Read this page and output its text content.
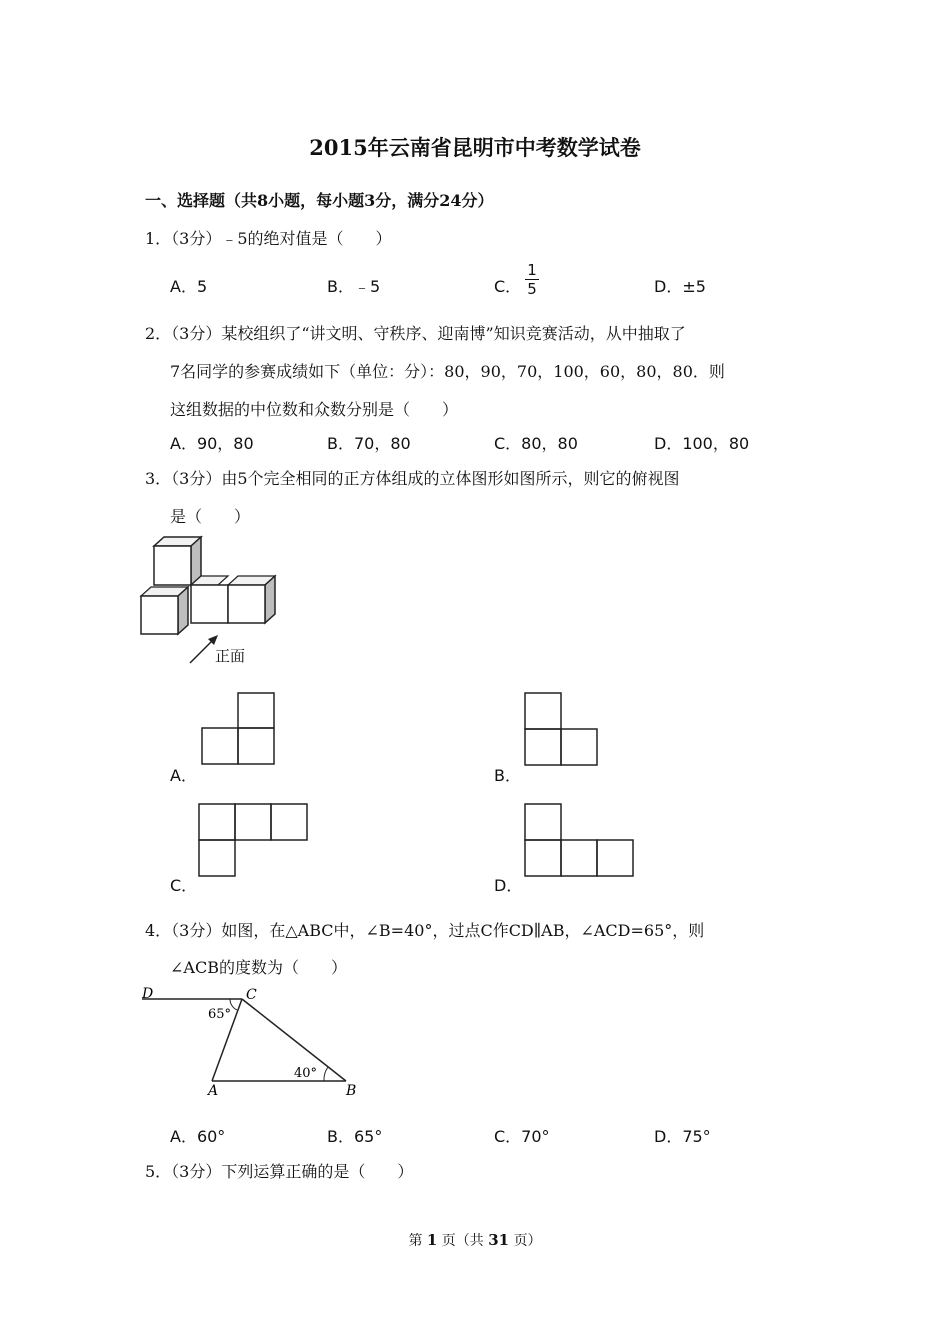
2015年云南省昆明市中考数学试卷
一、选择题（共8小题，每小题3分，满分24分）
1．（3分）﹣5的绝对值是（　　）
A．5	B．﹣5	C．
1
5	D．±5
2．（3分）某校组织了“讲文明、守秩序、迎南博”知识竞赛活动，从中抽取了
7名同学的参赛成绩如下（单位：分）：80，90，70，100，60，80，80．则
这组数据的中位数和众数分别是（　　）
A．90，80	B．70，80	C．80，80	D．100，80
3．（3分）由5个完全相同的正方体组成的立体图形如图所示，则它的俯视图
是（　　）
正面
A．	B．
C．	D．
4．（3分）如图，在△ABC中，∠B=40°，过点C作CD∥AB，∠ACD=65°，则
∠ACB的度数为（　　）
D	C
A	B
65°
40°
A．60°	B．65°	C．70°	D．75°
5．（3分）下列运算正确的是（　　）
第 1 页（共 31 页）
